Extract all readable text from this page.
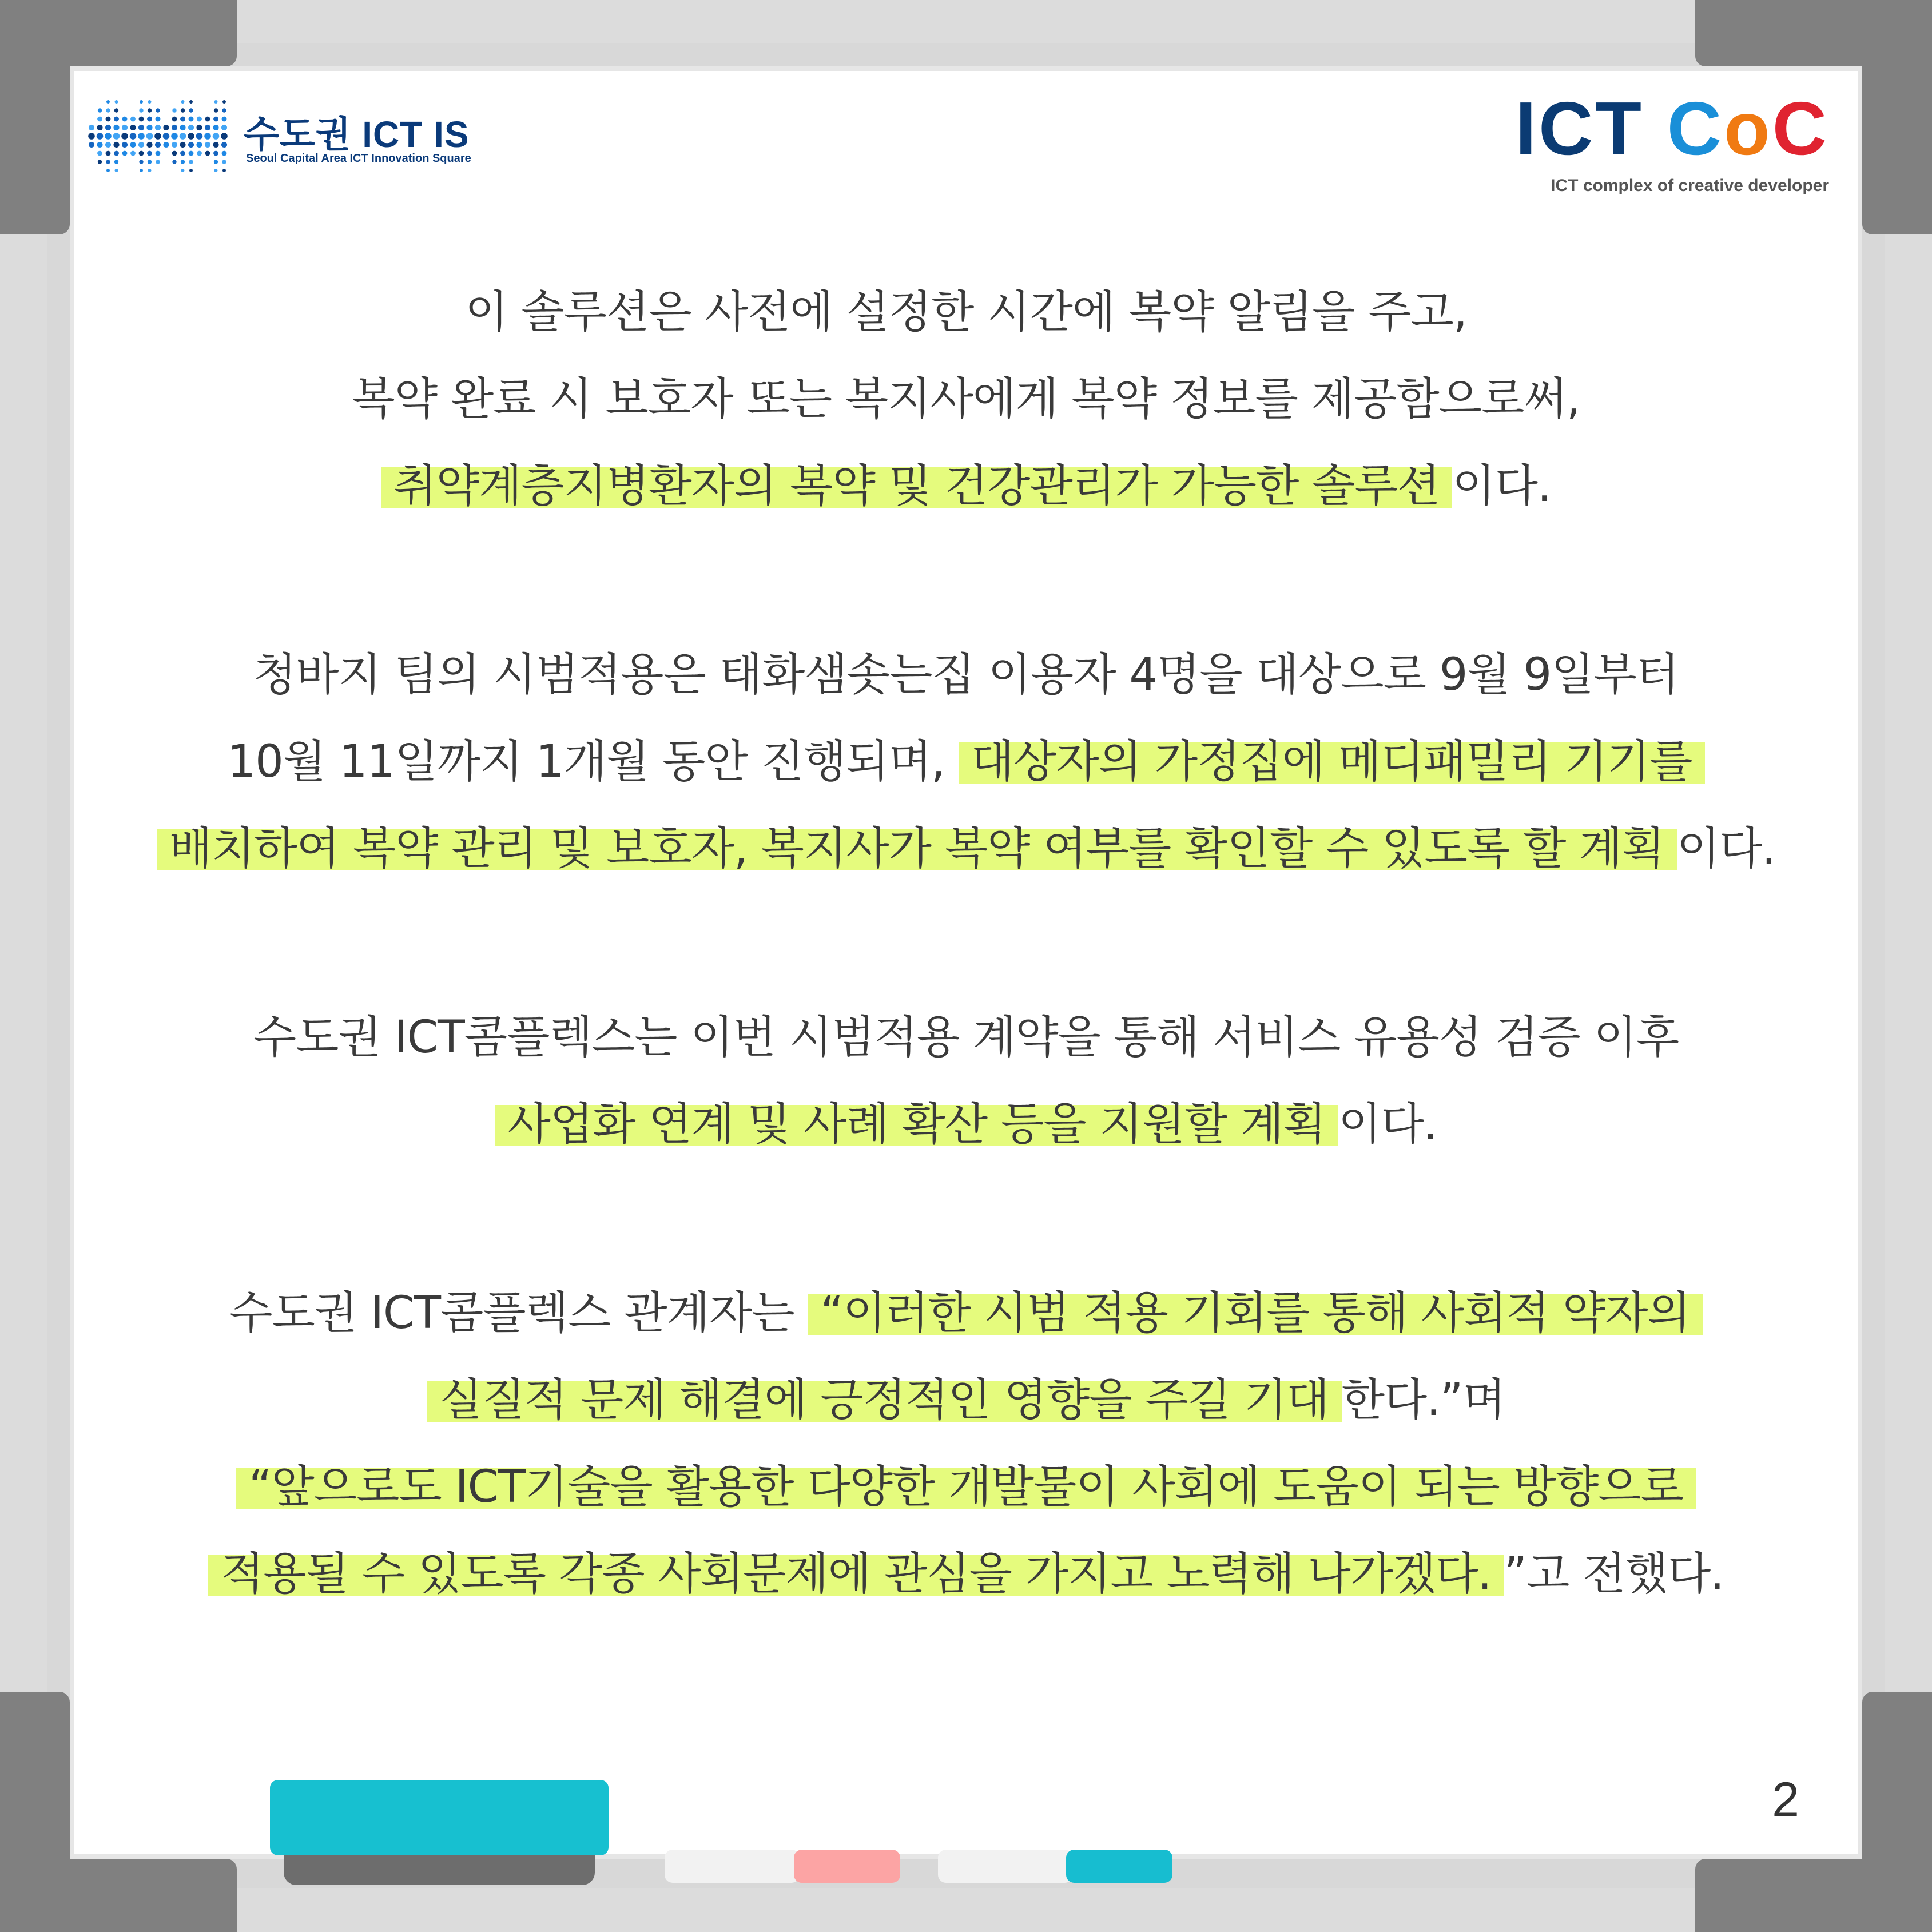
수도권 ICT IS
Seoul Capital Area ICT Innovation Square	ICT CoC
ICT complex of creative developer
이 솔루션은 사전에 설정한 시간에 복약 알림을 주고,
복약 완료 시 보호자 또는 복지사에게 복약 정보를 제공함으로써,
취약계층지병환자의 복약 및 건강관리가 가능한 솔루션 이다.
청바지 팀의 시범적용은 태화샘솟는집 이용자 4명을 대상으로 9월 9일부터
10월 11일까지 1개월 동안 진행되며, 대상자의 가정집에 메디패밀리 기기를
배치하여 복약 관리 및 보호자, 복지사가 복약 여부를 확인할 수 있도록 할 계획 이다.
수도권 ICT콤플렉스는 이번 시범적용 계약을 통해 서비스 유용성 검증 이후
사업화 연계 및 사례 확산 등을 지원할 계획 이다.
수도권 ICT콤플렉스 관계자는 “이러한 시범 적용 기회를 통해 사회적 약자의
실질적 문제 해결에 긍정적인 영향을 주길 기대 한다.”며
“앞으로도 ICT기술을 활용한 다양한 개발물이 사회에 도움이 되는 방향으로
적용될 수 있도록 각종 사회문제에 관심을 가지고 노력해 나가겠다. ”고 전했다.
2
